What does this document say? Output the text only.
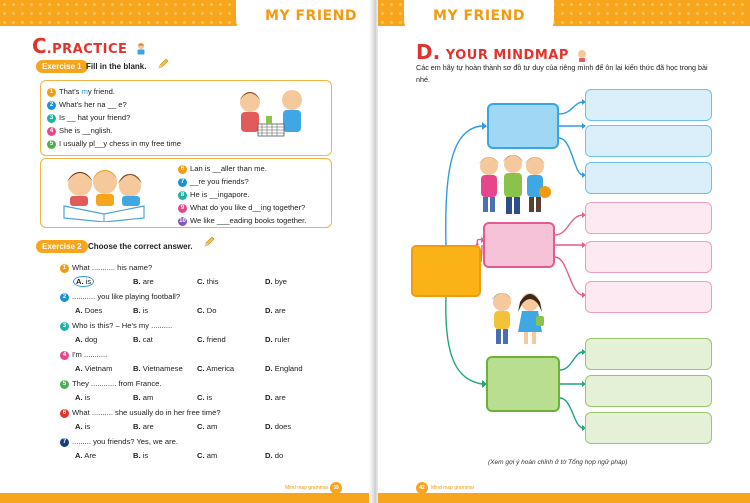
MY FRIEND
C.PRACTICE
Exercise 1 Fill in the blank.
1 That's my friend.
2 What's her na __ e?
3 Is __ hat your friend?
4 She is __nglish.
5 I usually pl__y chess in my free time
6 Lan is __aller than me.
7 __re you friends?
8 He is __ingapore.
9 What do you like d__ing together?
10 We like ___eading books together.
Exercise 2 Choose the correct answer.
1 What ........... his name?
A. is	B. are	C. this	D. bye
2 ........... you like playing football?
A. Does	B. is	C. Do	D. are
3 Who is this? – He's my ..........
A. dog	B. cat	C. friend	D. ruler
4 I'm ...........
A. Vietnam	B. Vietnamese C. America	D. England
5 They ............ from France.
A. is	B. am	C. is	D. are
6 What .......... she usually do in her free time?
A. is	B. are	C. am	D. does
7 ......... you friends? Yes, we are.
A. Are	B. is	C. am	D. do
Mind map grammar 39
MY FRIEND
D. YOUR MINDMAP
Các em hãy tự hoàn thành sơ đồ tư duy của riêng mình để ôn lại kiến thức đã học trong bài nhé.
(Xem gợi ý hoàn chỉnh ở tờ Tổng hợp ngữ pháp)
42	Mind map grammar
